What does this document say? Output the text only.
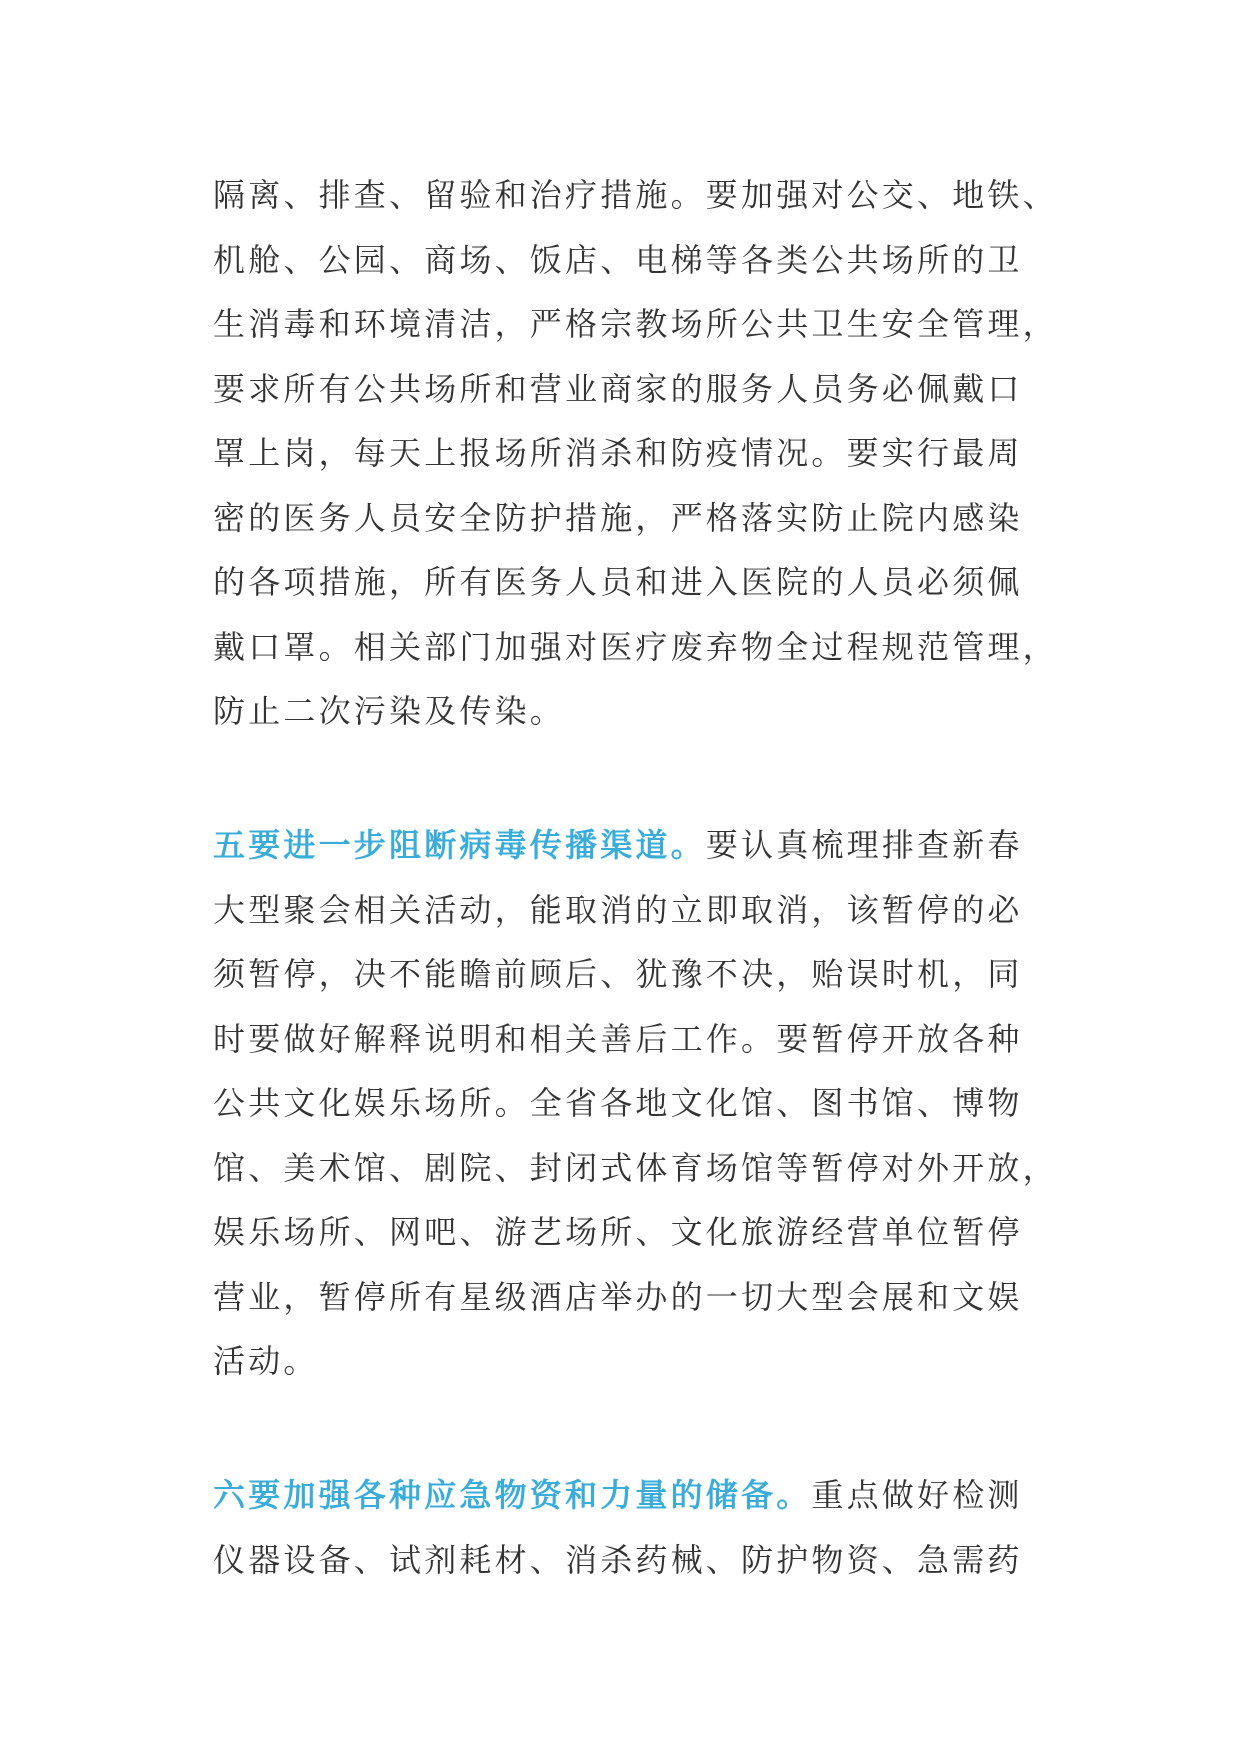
隔离、排查、留验和治疗措施。要加强对公交、地铁、
机舱、公园、商场、饭店、电梯等各类公共场所的卫
生消毒和环境清洁，严格宗教场所公共卫生安全管理，
要求所有公共场所和营业商家的服务人员务必佩戴口
罩上岗，每天上报场所消杀和防疫情况。要实行最周
密的医务人员安全防护措施，严格落实防止院内感染
的各项措施，所有医务人员和进入医院的人员必须佩
戴口罩。相关部门加强对医疗废弃物全过程规范管理，
防止二次污染及传染。
五要进一步阻断病毒传播渠道。要认真梳理排查新春
大型聚会相关活动，能取消的立即取消，该暂停的必
须暂停，决不能瞻前顾后、犹豫不决，贻误时机，同
时要做好解释说明和相关善后工作。要暂停开放各种
公共文化娱乐场所。全省各地文化馆、图书馆、博物
馆、美术馆、剧院、封闭式体育场馆等暂停对外开放，
娱乐场所、网吧、游艺场所、文化旅游经营单位暂停
营业，暂停所有星级酒店举办的一切大型会展和文娱
活动。
六要加强各种应急物资和力量的储备。重点做好检测
仪器设备、试剂耗材、消杀药械、防护物资、急需药
